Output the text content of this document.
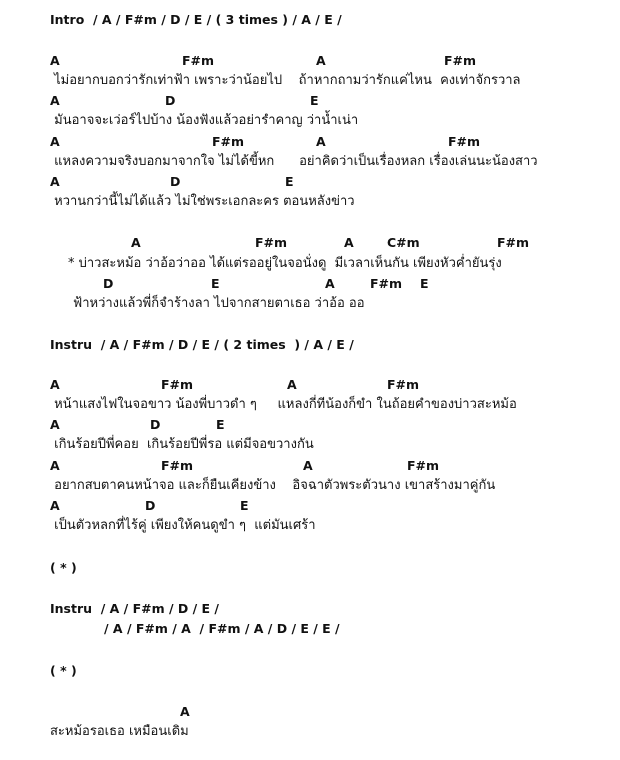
Intro  / A / F#m / D / E / ( 3 times ) / A / E /
A	F#m	A	F#m
ไม่อยากบอกว่ารักเท่าฟ้า เพราะว่าน้อยไป    ถ้าหากถามว่ารักแค่ไหน  คงเท่าจักรวาล
A	D	E
มันอาจจะเว่อร์ไปบ้าง น้องฟังแล้วอย่ารำคาญ ว่าน้ำเน่า
A	F#m	A	F#m
แหลงความจริงบอกมาจากใจ ไม่ได้ขี้หก      อย่าคิดว่าเป็นเรื่องหลก เรื่องเล่นนะน้องสาว
A	D	E
หวานกว่านี้ไม่ได้แล้ว ไม่ใช่พระเอกละคร ตอนหลังข่าว
A	F#m	A	C#m	F#m
* บ่าวสะหม้อ ว่าอ้อว่าออ ได้แต่รออยู่ในจอนั่งดู  มีเวลาเห็นกัน เพียงหัวค่ำยันรุ่ง
D	E	A	F#m E
ฟ้าหว่างแล้วพี่ก็จำร้างลา ไปจากสายตาเธอ ว่าอ้อ ออ
Instru  / A / F#m / D / E / ( 2 times  ) / A / E /
A	F#m	A	F#m
หน้าแสงไฟในจอขาว น้องพี่บาวดำ ๆ     แหลงกี่ทีน้องก็ขำ ในถ้อยคำของบ่าวสะหม้อ
A	D	E
เกินร้อยปีพี่คอย  เกินร้อยปีพี่รอ แต่มีจอขวางกัน
A	F#m	A	F#m
อยากสบตาคนหน้าจอ และก็ยืนเคียงข้าง    อิจฉาตัวพระตัวนาง เขาสร้างมาคู่กัน
A	D	E
เป็นตัวหลกที่ไร้คู่ เพียงให้คนดูขำ ๆ  แต่มันเศร้า
( * )
Instru  / A / F#m / D / E /
/ A / F#m / A  / F#m / A / D / E / E /
( * )
A
สะหม้อรอเธอ เหมือนเดิม
